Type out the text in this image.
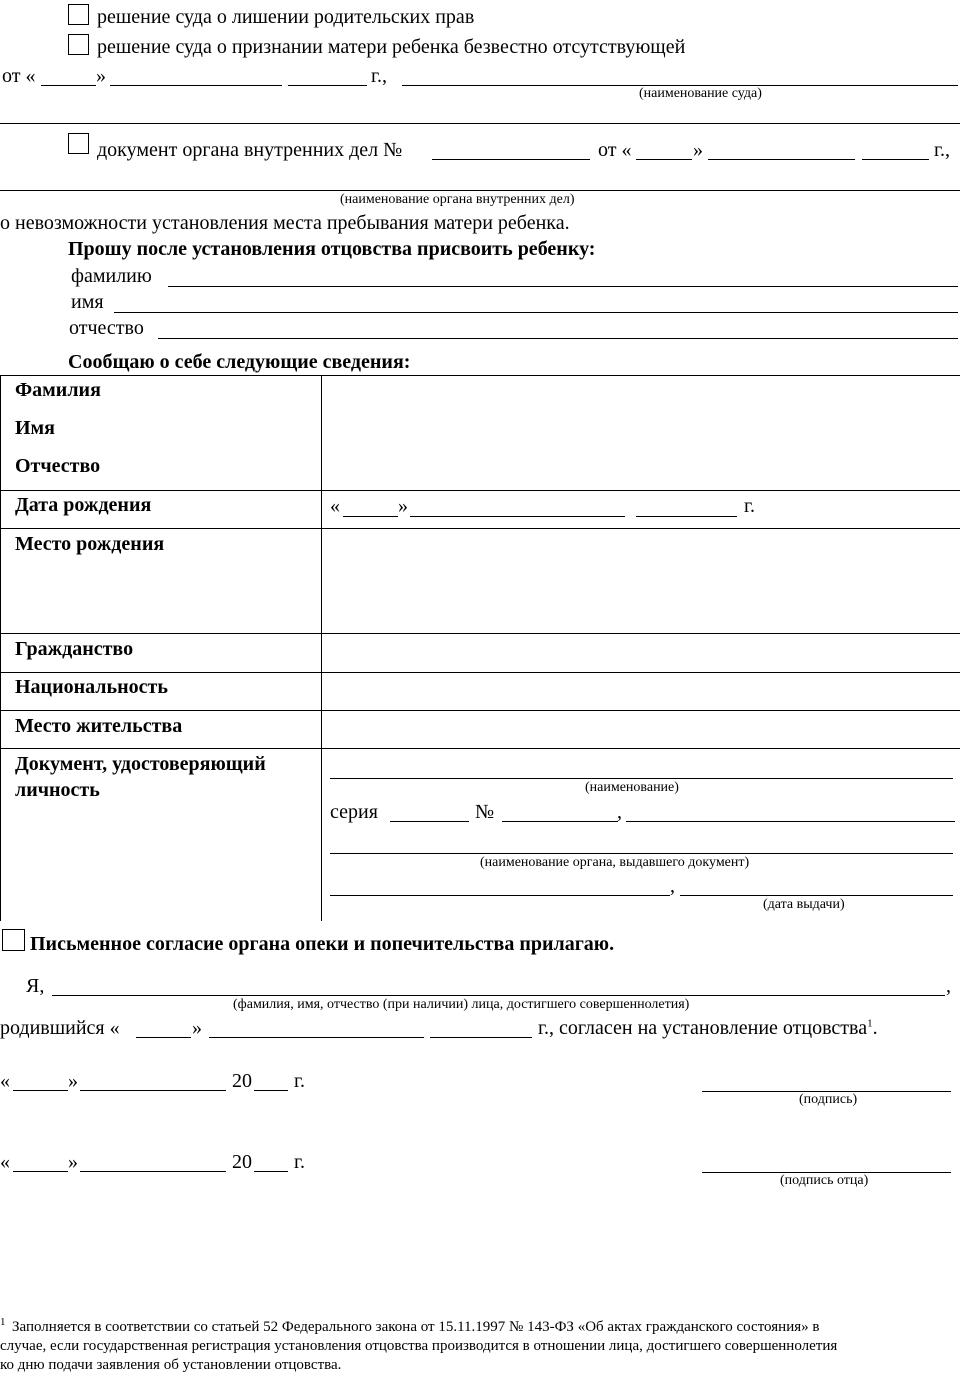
решение суда о лишении родительских прав
решение суда о признании матери ребенка безвестно отсутствующей
от «	»	г.,
(наименование суда)
документ органа внутренних дел №	от «	»	г.,
(наименование органа внутренних дел)
о невозможности установления места пребывания матери ребенка.
Прошу после установления отцовства присвоить ребенку:
фамилию
имя
отчество
Сообщаю о себе следующие сведения:
Фамилия
Имя
Отчество
Дата рождения	«	»	г.
Место рождения
Гражданство
Национальность
Место жительства
Документ, удостоверяющий
личность	(наименование)
серия	№	,
(наименование органа, выдавшего документ)
,
(дата выдачи)
Письменное согласие органа опеки и попечительства прилагаю.
Я,	,
(фамилия, имя, отчество (при наличии) лица, достигшего совершеннолетия)
родившийся «	»	г., согласен на установление отцовства$^1$.
«	»	20 г.
(подпись)
«	»	20 г.
(подпись отца)
1 Заполняется в соответствии со статьей 52 Федерального закона от 15.11.1997 № 143-ФЗ «Об актах гражданского состояния» в
случае, если государственная регистрация установления отцовства производится в отношении лица, достигшего совершеннолетия
ко дню подачи заявления об установлении отцовства.
